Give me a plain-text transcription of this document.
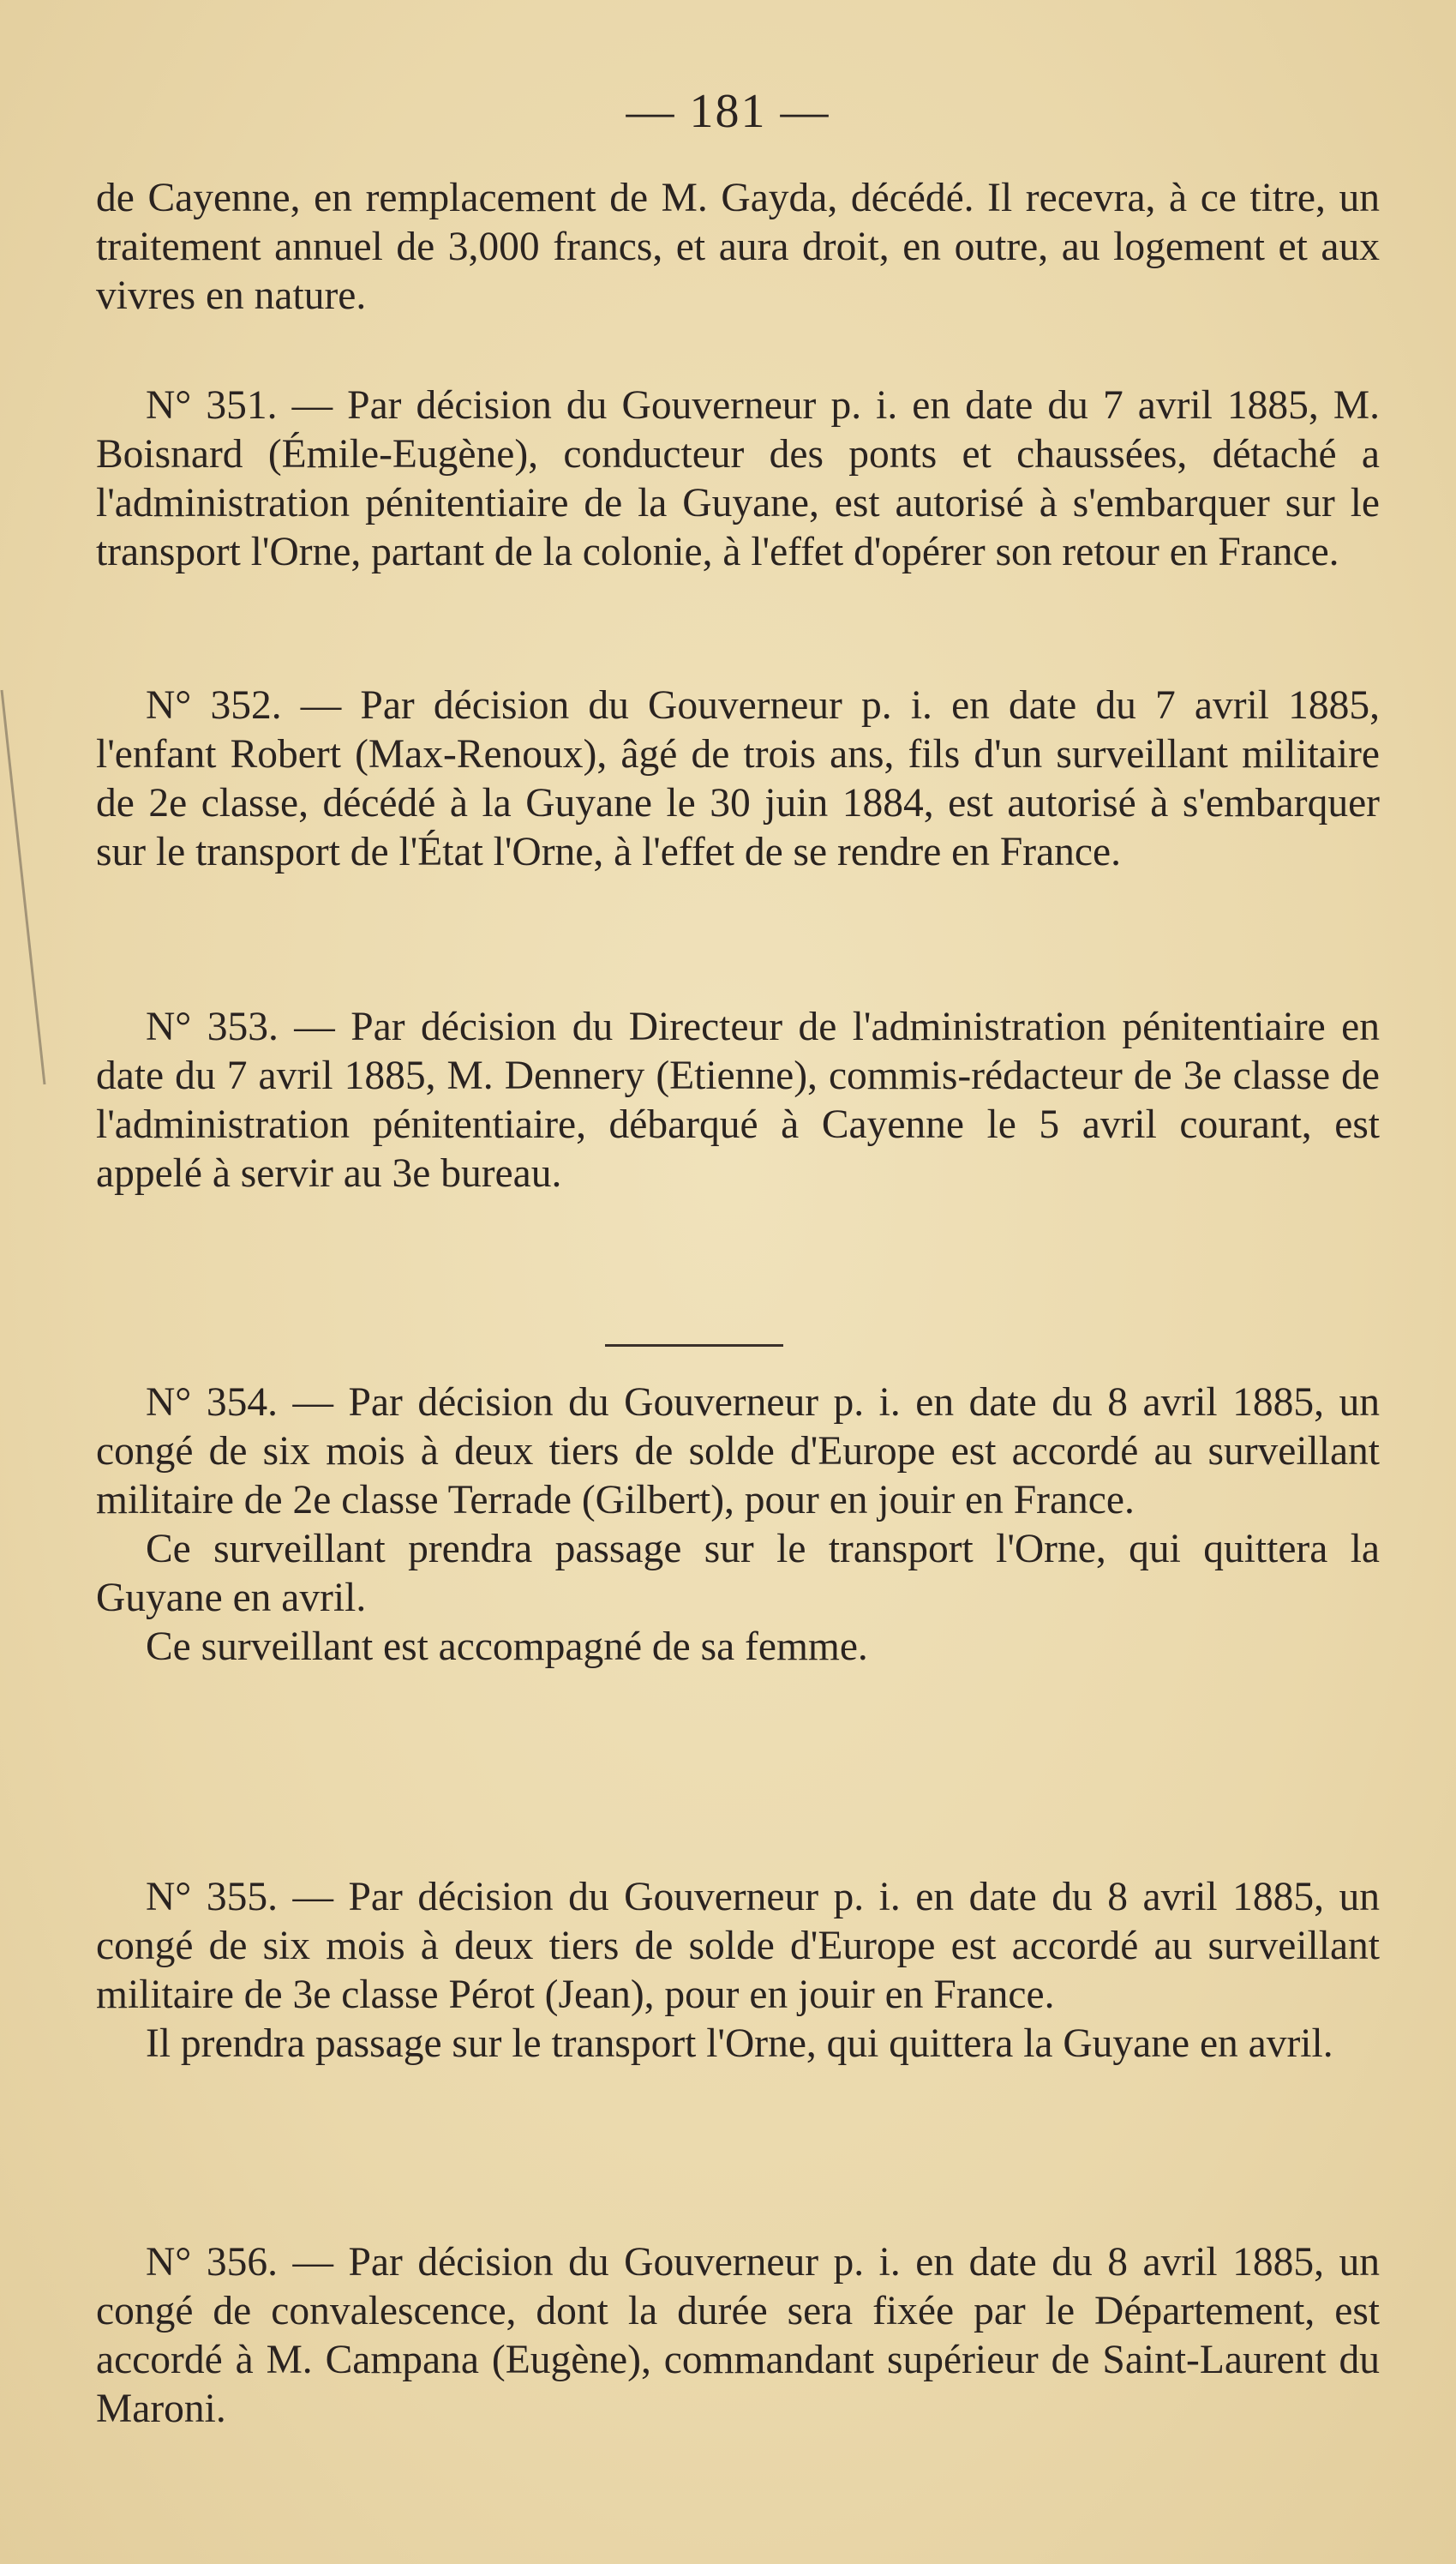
— 181 —

de Cayenne, en remplacement de M. Gayda, décédé. Il recevra, à ce titre, un traitement annuel de 3,000 francs, et aura droit, en outre, au logement et aux vivres en nature.

N° 351. — Par décision du Gouverneur p. i. en date du 7 avril 1885, M. Boisnard (Émile-Eugène), conducteur des ponts et chaussées, détaché a l'administration pénitentiaire de la Guyane, est autorisé à s'embarquer sur le transport l'Orne, partant de la colonie, à l'effet d'opérer son retour en France.

N° 352. — Par décision du Gouverneur p. i. en date du 7 avril 1885, l'enfant Robert (Max-Renoux), âgé de trois ans, fils d'un surveillant militaire de 2e classe, décédé à la Guyane le 30 juin 1884, est autorisé à s'embarquer sur le transport de l'État l'Orne, à l'effet de se rendre en France.

N° 353. — Par décision du Directeur de l'administration pénitentiaire en date du 7 avril 1885, M. Dennery (Etienne), commis-rédacteur de 3e classe de l'administration pénitentiaire, débarqué à Cayenne le 5 avril courant, est appelé à servir au 3e bureau.

N° 354. — Par décision du Gouverneur p. i. en date du 8 avril 1885, un congé de six mois à deux tiers de solde d'Europe est accordé au surveillant militaire de 2e classe Terrade (Gilbert), pour en jouir en France.

Ce surveillant prendra passage sur le transport l'Orne, qui quittera la Guyane en avril.

Ce surveillant est accompagné de sa femme.

N° 355. — Par décision du Gouverneur p. i. en date du 8 avril 1885, un congé de six mois à deux tiers de solde d'Europe est accordé au surveillant militaire de 3e classe Pérot (Jean), pour en jouir en France.

Il prendra passage sur le transport l'Orne, qui quittera la Guyane en avril.

N° 356. — Par décision du Gouverneur p. i. en date du 8 avril 1885, un congé de convalescence, dont la durée sera fixée par le Département, est accordé à M. Campana (Eugène), commandant supérieur de Saint-Laurent du Maroni.
